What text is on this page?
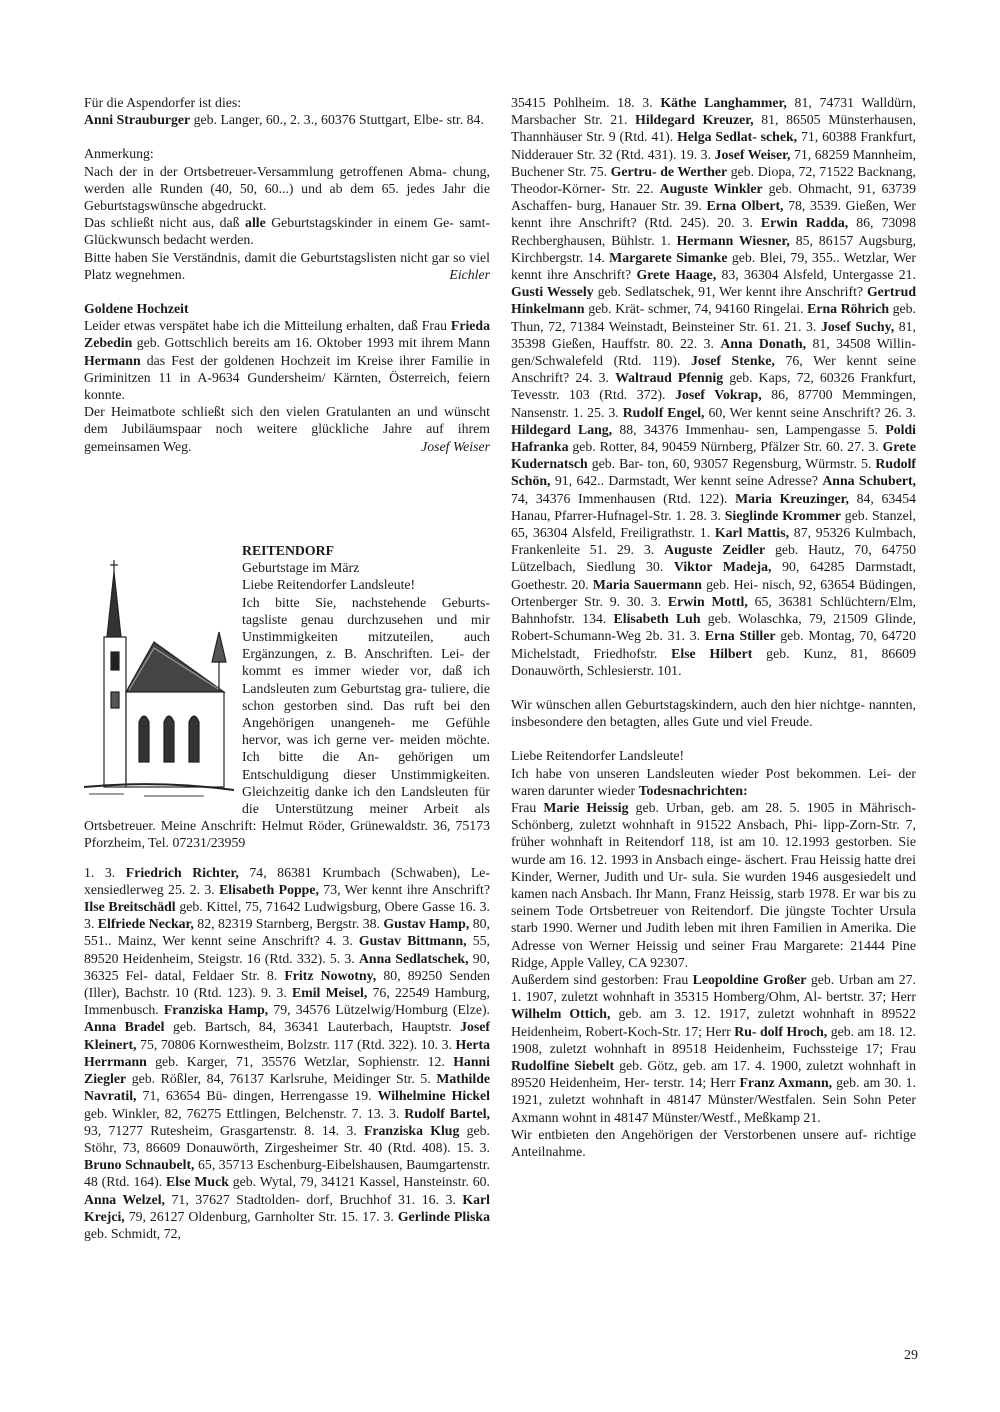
Für die Aspendorfer ist dies:

Anni Strauburger geb. Langer, 60., 2. 3., 60376 Stuttgart, Elbe- str. 84.

Anmerkung:

Nach der in der Ortsbetreuer-Versammlung getroffenen Abma- chung, werden alle Runden (40, 50, 60...) und ab dem 65. jedes Jahr die Geburtstagswünsche abgedruckt.

Das schließt nicht aus, daß alle Geburtstagskinder in einem Ge- samt-Glückwunsch bedacht werden.

Bitte haben Sie Verständnis, damit die Geburtstagslisten nicht gar so viel Platz wegnehmen.	Eichler

Goldene Hochzeit

Leider etwas verspätet habe ich die Mitteilung erhalten, daß Frau Frieda Zebedin geb. Gottschlich bereits am 16. Oktober 1993 mit ihrem Mann Hermann das Fest der goldenen Hochzeit im Kreise ihrer Familie in Griminitzen 11 in A-9634 Gundersheim/ Kärnten, Österreich, feiern konnte.

Der Heimatbote schließt sich den vielen Gratulanten an und wünscht dem Jubiläumspaar noch weitere glückliche Jahre auf ihrem gemeinsamen Weg.	Josef Weiser

REITENDORF

Geburtstage im März

Liebe Reitendorfer Landsleute!

Ich bitte Sie, nachstehende Geburts- tagsliste genau durchzusehen und mir Unstimmigkeiten mitzuteilen, auch Ergänzungen, z. B. Anschriften. Lei- der kommt es immer wieder vor, daß ich Landsleuten zum Geburtstag gra- tuliere, die schon gestorben sind. Das ruft bei den Angehörigen unangeneh- me Gefühle hervor, was ich gerne ver- meiden möchte. Ich bitte die An- gehörigen um Entschuldigung dieser Unstimmigkeiten. Gleichzeitig danke ich den Landsleuten für die Unterstützung meiner Arbeit als Ortsbetreuer. Meine Anschrift: Helmut Röder, Grünewaldstr. 36, 75173 Pforzheim, Tel. 07231/23959

1. 3. Friedrich Richter, 74, 86381 Krumbach (Schwaben), Le- xensiedlerweg 25. 2. 3. Elisabeth Poppe, 73, Wer kennt ihre Anschrift? Ilse Breitschädl geb. Kittel, 75, 71642 Ludwigsburg, Obere Gasse 16. 3. 3. Elfriede Neckar, 82, 82319 Starnberg, Bergstr. 38. Gustav Hamp, 80, 551.. Mainz, Wer kennt seine Anschrift? 4. 3. Gustav Bittmann, 55, 89520 Heidenheim, Steigstr. 16 (Rtd. 332). 5. 3. Anna Sedlatschek, 90, 36325 Fel- datal, Feldaer Str. 8. Fritz Nowotny, 80, 89250 Senden (Iller), Bachstr. 10 (Rtd. 123). 9. 3. Emil Meisel, 76, 22549 Hamburg, Immenbusch. Franziska Hamp, 79, 34576 Lützelwig/Homburg (Elze). Anna Bradel geb. Bartsch, 84, 36341 Lauterbach, Hauptstr. Josef Kleinert, 75, 70806 Kornwestheim, Bolzstr. 117 (Rtd. 322). 10. 3. Herta Herrmann geb. Karger, 71, 35576 Wetzlar, Sophienstr. 12. Hanni Ziegler geb. Rößler, 84, 76137 Karlsruhe, Meidinger Str. 5. Mathilde Navratil, 71, 63654 Bü- dingen, Herrengasse 19. Wilhelmine Hickel geb. Winkler, 82, 76275 Ettlingen, Belchenstr. 7. 13. 3. Rudolf Bartel, 93, 71277 Rutesheim, Grasgartenstr. 8. 14. 3. Franziska Klug geb. Stöhr, 73, 86609 Donauwörth, Zirgesheimer Str. 40 (Rtd. 408). 15. 3. Bruno Schnaubelt, 65, 35713 Eschenburg-Eibelshausen, Baumgartenstr. 48 (Rtd. 164). Else Muck geb. Wytal, 79, 34121 Kassel, Hansteinstr. 60. Anna Welzel, 71, 37627 Stadtolden- dorf, Bruchhof 31. 16. 3. Karl Krejci, 79, 26127 Oldenburg, Garnholter Str. 15. 17. 3. Gerlinde Pliska geb. Schmidt, 72,

35415 Pohlheim. 18. 3. Käthe Langhammer, 81, 74731 Walldürn, Marsbacher Str. 21. Hildegard Kreuzer, 81, 86505 Münsterhausen, Thannhäuser Str. 9 (Rtd. 41). Helga Sedlat- schek, 71, 60388 Frankfurt, Nidderauer Str. 32 (Rtd. 431). 19. 3. Josef Weiser, 71, 68259 Mannheim, Buchener Str. 75. Gertru- de Werther geb. Diopa, 72, 71522 Backnang, Theodor-Körner- Str. 22. Auguste Winkler geb. Ohmacht, 91, 63739 Aschaffen- burg, Hanauer Str. 39. Erna Olbert, 78, 3539. Gießen, Wer kennt ihre Anschrift? (Rtd. 245). 20. 3. Erwin Radda, 86, 73098 Rechberghausen, Bühlstr. 1. Hermann Wiesner, 85, 86157 Augsburg, Kirchbergstr. 14. Margarete Simanke geb. Blei, 79, 355.. Wetzlar, Wer kennt ihre Anschrift? Grete Haage, 83, 36304 Alsfeld, Untergasse 21. Gusti Wessely geb. Sedlatschek, 91, Wer kennt ihre Anschrift? Gertrud Hinkelmann geb. Krät- schmer, 74, 94160 Ringelai. Erna Röhrich geb. Thun, 72, 71384 Weinstadt, Beinsteiner Str. 61. 21. 3. Josef Suchy, 81, 35398 Gießen, Hauffstr. 80. 22. 3. Anna Donath, 81, 34508 Willin- gen/Schwalefeld (Rtd. 119). Josef Stenke, 76, Wer kennt seine Anschrift? 24. 3. Waltraud Pfennig geb. Kaps, 72, 60326 Frankfurt, Tevesstr. 103 (Rtd. 372). Josef Vokrap, 86, 87700 Memmingen, Nansenstr. 1. 25. 3. Rudolf Engel, 60, Wer kennt seine Anschrift? 26. 3. Hildegard Lang, 88, 34376 Immenhau- sen, Lampengasse 5. Poldi Hafranka geb. Rotter, 84, 90459 Nürnberg, Pfälzer Str. 60. 27. 3. Grete Kudernatsch geb. Bar- ton, 60, 93057 Regensburg, Würmstr. 5. Rudolf Schön, 91, 642.. Darmstadt, Wer kennt seine Adresse? Anna Schubert, 74, 34376 Immenhausen (Rtd. 122). Maria Kreuzinger, 84, 63454 Hanau, Pfarrer-Hufnagel-Str. 1. 28. 3. Sieglinde Krommer geb. Stanzel, 65, 36304 Alsfeld, Freiligrathstr. 1. Karl Mattis, 87, 95326 Kulmbach, Frankenleite 51. 29. 3. Auguste Zeidler geb. Hautz, 70, 64750 Lützelbach, Siedlung 30. Viktor Madeja, 90, 64285 Darmstadt, Goethestr. 20. Maria Sauermann geb. Hei- nisch, 92, 63654 Büdingen, Ortenberger Str. 9. 30. 3. Erwin Mottl, 65, 36381 Schlüchtern/Elm, Bahnhofstr. 134. Elisabeth Luh geb. Wolaschka, 79, 21509 Glinde, Robert-Schumann-Weg 2b. 31. 3. Erna Stiller geb. Montag, 70, 64720 Michelstadt, Friedhofstr. Else Hilbert geb. Kunz, 81, 86609 Donauwörth, Schlesierstr. 101.

Wir wünschen allen Geburtstagskindern, auch den hier nichtge- nannten, insbesondere den betagten, alles Gute und viel Freude.

Liebe Reitendorfer Landsleute!

Ich habe von unseren Landsleuten wieder Post bekommen. Lei- der waren darunter wieder Todesnachrichten:

Frau Marie Heissig geb. Urban, geb. am 28. 5. 1905 in Mährisch-Schönberg, zuletzt wohnhaft in 91522 Ansbach, Phi- lipp-Zorn-Str. 7, früher wohnhaft in Reitendorf 118, ist am 10. 12.1993 gestorben. Sie wurde am 16. 12. 1993 in Ansbach einge- äschert. Frau Heissig hatte drei Kinder, Werner, Judith und Ur- sula. Sie wurden 1946 ausgesiedelt und kamen nach Ansbach. Ihr Mann, Franz Heissig, starb 1978. Er war bis zu seinem Tode Ortsbetreuer von Reitendorf. Die jüngste Tochter Ursula starb 1990. Werner und Judith leben mit ihren Familien in Amerika. Die Adresse von Werner Heissig und seiner Frau Margarete: 21444 Pine Ridge, Apple Valley, CA 92307.

Außerdem sind gestorben: Frau Leopoldine Großer geb. Urban am 27. 1. 1907, zuletzt wohnhaft in 35315 Homberg/Ohm, Al- bertstr. 37; Herr Wilhelm Ottich, geb. am 3. 12. 1917, zuletzt wohnhaft in 89522 Heidenheim, Robert-Koch-Str. 17; Herr Ru- dolf Hroch, geb. am 18. 12. 1908, zuletzt wohnhaft in 89518 Heidenheim, Fuchssteige 17; Frau Rudolfine Siebelt geb. Götz, geb. am 17. 4. 1900, zuletzt wohnhaft in 89520 Heidenheim, Her- terstr. 14; Herr Franz Axmann, geb. am 30. 1. 1921, zuletzt wohnhaft in 48147 Münster/Westfalen. Sein Sohn Peter Axmann wohnt in 48147 Münster/Westf., Meßkamp 21.

Wir entbieten den Angehörigen der Verstorbenen unsere auf- richtige Anteilnahme.

29
